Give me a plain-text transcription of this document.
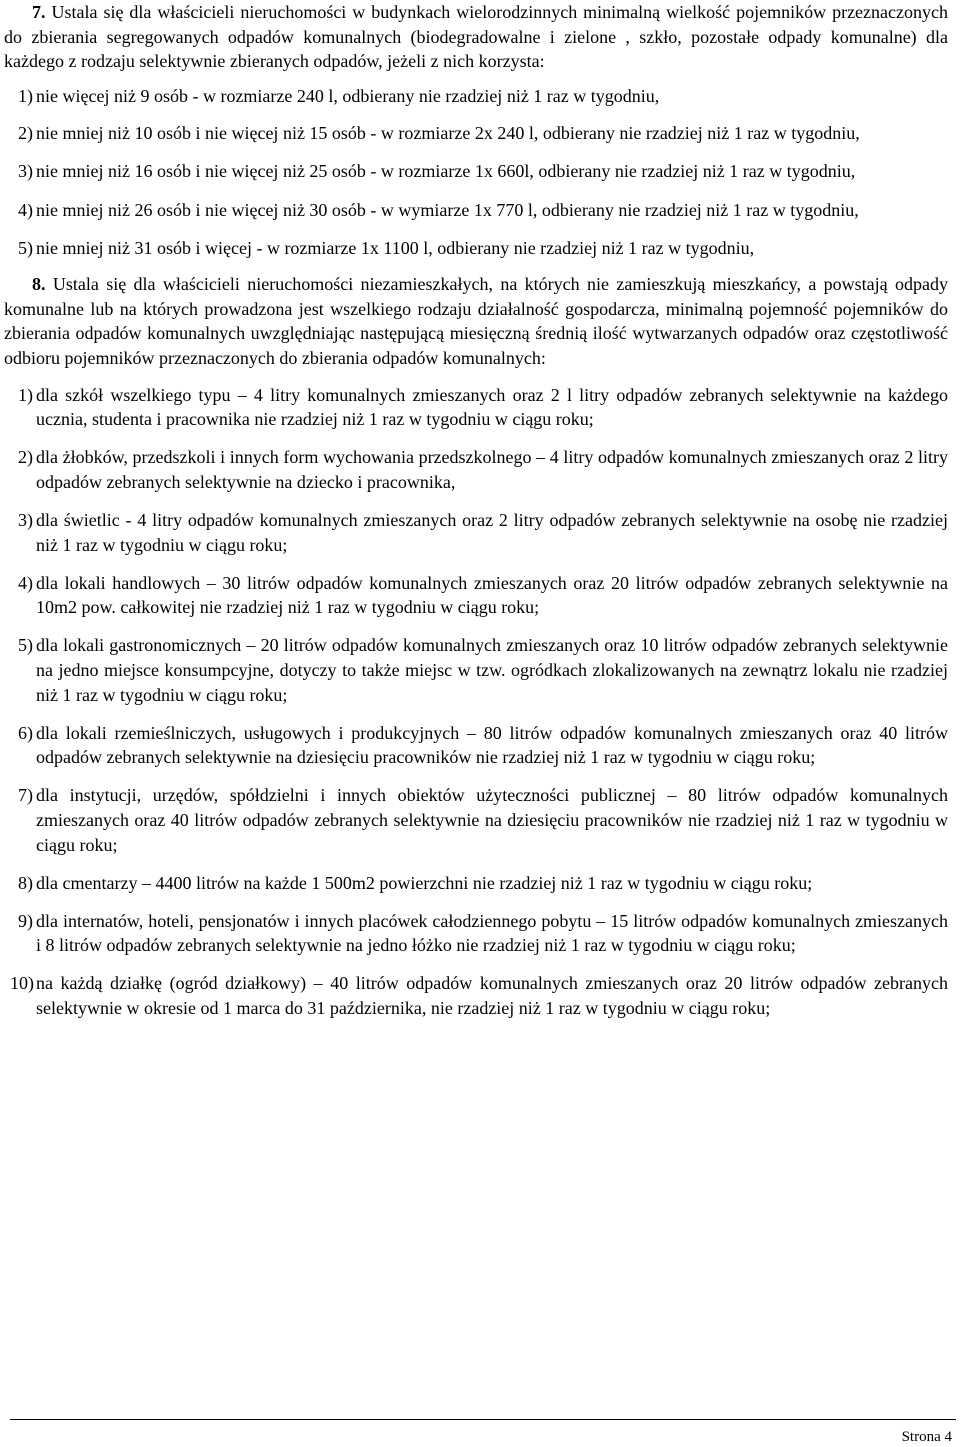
7. Ustala się dla właścicieli nieruchomości w budynkach wielorodzinnych minimalną wielkość pojemników przeznaczonych do zbierania segregowanych odpadów komunalnych (biodegradowalne i zielone , szkło, pozostałe odpady komunalne) dla każdego z rodzaju selektywnie zbieranych odpadów, jeżeli z nich korzysta:

1) nie więcej niż 9 osób - w rozmiarze 240 l, odbierany nie rzadziej niż 1 raz w tygodniu,
2) nie mniej niż 10 osób i nie więcej niż 15 osób - w rozmiarze 2x 240 l, odbierany nie rzadziej niż 1 raz w tygodniu,
3) nie mniej niż 16 osób i nie więcej niż 25 osób - w rozmiarze 1x 660l, odbierany nie rzadziej niż 1 raz w tygodniu,
4) nie mniej niż 26 osób i nie więcej niż 30 osób - w wymiarze 1x 770 l, odbierany nie rzadziej niż 1 raz w tygodniu,
5) nie mniej niż 31 osób i więcej - w rozmiarze 1x 1100 l, odbierany nie rzadziej niż 1 raz w tygodniu,

8. Ustala się dla właścicieli nieruchomości niezamieszkałych, na których nie zamieszkują mieszkańcy, a powstają odpady komunalne lub na których prowadzona jest wszelkiego rodzaju działalność gospodarcza, minimalną pojemność pojemników do zbierania odpadów komunalnych uwzględniając następującą miesięczną średnią ilość wytwarzanych odpadów oraz częstotliwość odbioru pojemników przeznaczonych do zbierania odpadów komunalnych:

1) dla szkół wszelkiego typu – 4 litry komunalnych zmieszanych oraz 2 l litry odpadów zebranych selektywnie na każdego ucznia, studenta i pracownika nie rzadziej niż 1 raz w tygodniu w ciągu roku;
2) dla żłobków, przedszkoli i innych form wychowania przedszkolnego – 4 litry odpadów komunalnych zmieszanych oraz 2 litry odpadów zebranych selektywnie na dziecko i pracownika,
3) dla świetlic - 4 litry odpadów komunalnych zmieszanych oraz 2 litry odpadów zebranych selektywnie na osobę nie rzadziej niż 1 raz w tygodniu w ciągu roku;
4) dla lokali handlowych – 30 litrów odpadów komunalnych zmieszanych oraz 20 litrów odpadów zebranych selektywnie na 10m2 pow. całkowitej nie rzadziej niż 1 raz w tygodniu w ciągu roku;
5) dla lokali gastronomicznych – 20 litrów odpadów komunalnych zmieszanych oraz 10 litrów odpadów zebranych selektywnie na jedno miejsce konsumpcyjne, dotyczy to także miejsc w tzw. ogródkach zlokalizowanych na zewnątrz lokalu nie rzadziej niż 1 raz w tygodniu w ciągu roku;
6) dla lokali rzemieślniczych, usługowych i produkcyjnych – 80 litrów odpadów komunalnych zmieszanych oraz 40 litrów odpadów zebranych selektywnie na dziesięciu pracowników nie rzadziej niż 1 raz w tygodniu w ciągu roku;
7) dla instytucji, urzędów, spółdzielni i innych obiektów użyteczności publicznej – 80 litrów odpadów komunalnych zmieszanych oraz 40 litrów odpadów zebranych selektywnie na dziesięciu pracowników nie rzadziej niż 1 raz w tygodniu w ciągu roku;
8) dla cmentarzy – 4400 litrów na każde 1 500m2 powierzchni nie rzadziej niż 1 raz w tygodniu w ciągu roku;
9) dla internatów, hoteli, pensjonatów i innych placówek całodziennego pobytu – 15 litrów odpadów komunalnych zmieszanych i 8 litrów odpadów zebranych selektywnie na jedno łóżko nie rzadziej niż 1 raz w tygodniu w ciągu roku;
10) na każdą działkę (ogród działkowy) – 40 litrów odpadów komunalnych zmieszanych oraz 20 litrów odpadów zebranych selektywnie w okresie od 1 marca do 31 października, nie rzadziej niż 1 raz w tygodniu w ciągu roku;
Strona 4
